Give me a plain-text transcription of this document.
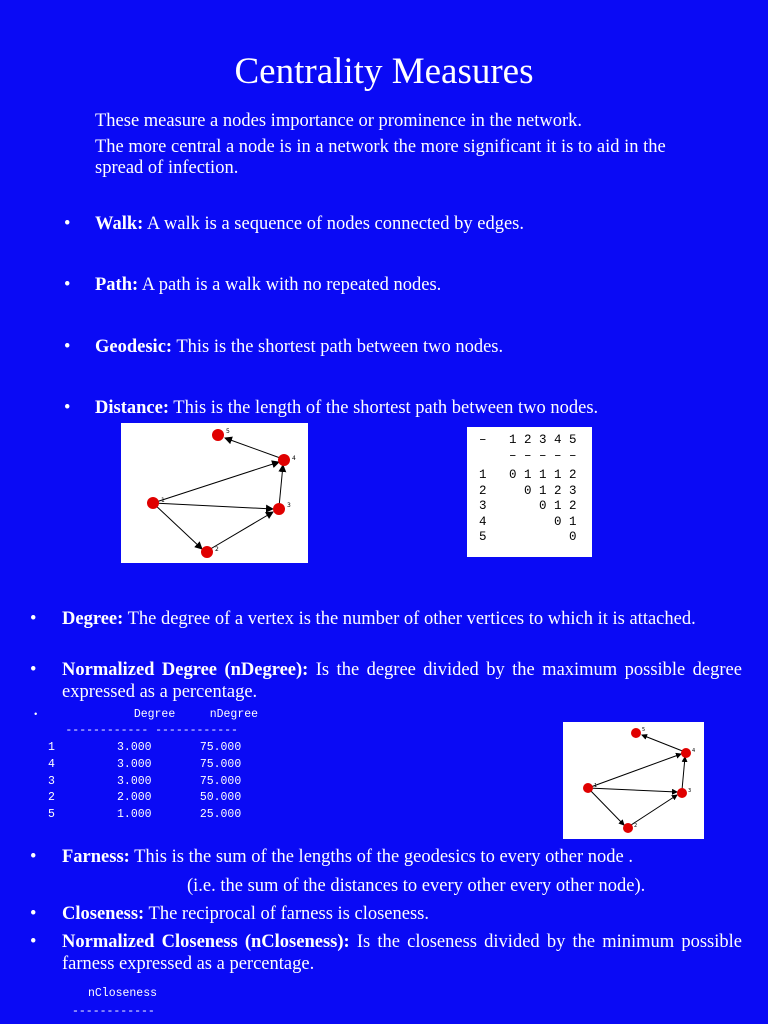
Centrality Measures
These measure a nodes importance or prominence in the network.
The more central a node is in a network the more significant it is to aid in the spread of infection.
• Walk: A walk is a sequence of nodes connected by edges.
• Path: A path is a walk with no repeated nodes.
• Geodesic: This is the shortest path between two nodes.
• Distance: This is the length of the shortest path between two nodes.
1
2
3
4
5
–   1 2 3 4 5
– – – – –
1   0 1 1 1 2
2     0 1 2 3
3       0 1 2
4         0 1
5           0
• Degree: The degree of a vertex is the number of other vertices to which it is attached.
• Normalized Degree (nDegree): Is the degree divided by the maximum possible degree expressed as a percentage.
• Degree     nDegree
------------ ------------
1         3.000       75.000
4         3.000       75.000
3         3.000       75.000
2         2.000       50.000
5         1.000       25.000
1
2
3
4
5
• Farness: This is the sum of the lengths of the geodesics to every other node .
(i.e. the sum of the distances to every other every other node).
• Closeness: The reciprocal of farness is closeness.
• Normalized Closeness (nCloseness): Is the closeness divided by the minimum possible farness expressed as a percentage.
nCloseness
------------
